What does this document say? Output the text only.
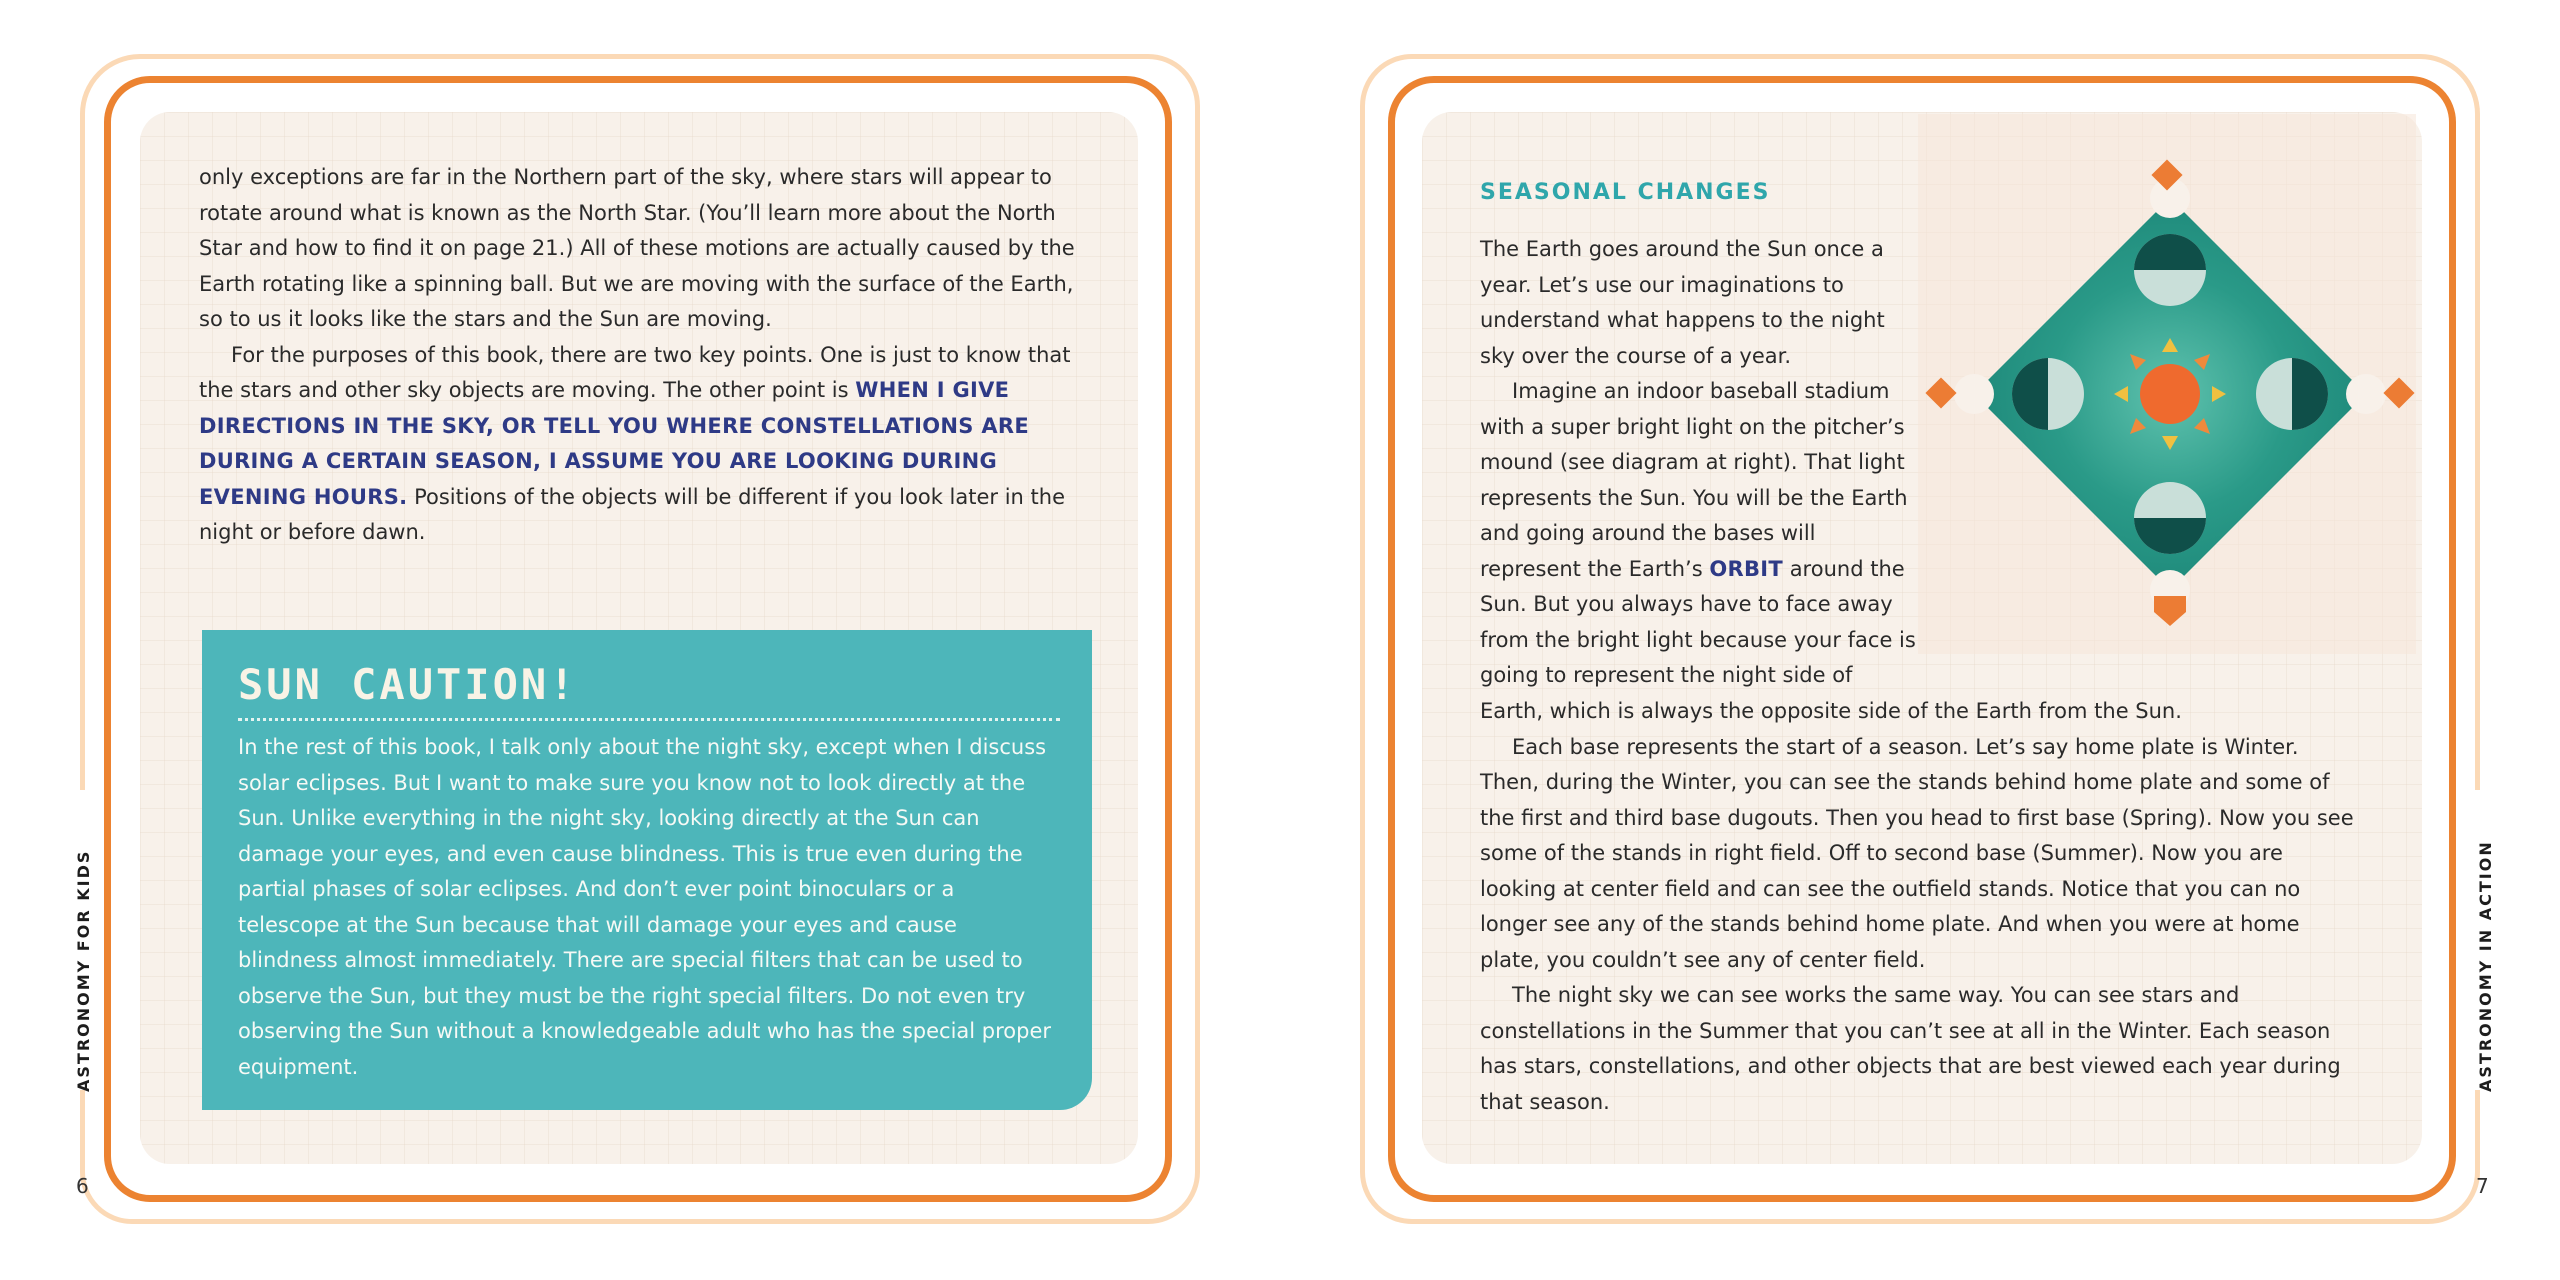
ASTRONOMY FOR KIDS
6

only exceptions are far in the Northern part of the sky, where stars will appear to rotate around what is known as the North Star. (You’ll learn more about the North Star and how to find it on page 21.) All of these motions are actually caused by the Earth rotating like a spinning ball. But we are moving with the surface of the Earth, so to us it looks like the stars and the Sun are moving.

For the purposes of this book, there are two key points. One is just to know that the stars and other sky objects are moving. The other point is WHEN I GIVE DIRECTIONS IN THE SKY, OR TELL YOU WHERE CONSTELLATIONS ARE DURING A CERTAIN SEASON, I ASSUME YOU ARE LOOKING DURING EVENING HOURS. Positions of the objects will be different if you look later in the night or before dawn.

SUN CAUTION!

In the rest of this book, I talk only about the night sky, except when I discuss solar eclipses. But I want to make sure you know not to look directly at the Sun. Unlike everything in the night sky, looking directly at the Sun can damage your eyes, and even cause blindness. This is true even during the partial phases of solar eclipses. And don’t ever point binoculars or a telescope at the Sun because that will damage your eyes and cause blindness almost immediately. There are special filters that can be used to observe the Sun, but they must be the right special filters. Do not even try observing the Sun without a knowledgeable adult who has the special proper equipment.	ASTRONOMY IN ACTION
7
SEASONAL CHANGES

The Earth goes around the Sun once a year. Let’s use our imaginations to understand what happens to the night sky over the course of a year.

Imagine an indoor baseball stadium with a super bright light on the pitcher’s mound (see diagram at right). That light represents the Sun. You will be the Earth and going around the bases will represent the Earth’s ORBIT around the Sun. But you always have to face away from the bright light because your face is going to represent the night side of

Earth, which is always the opposite side of the Earth from the Sun.

Each base represents the start of a season. Let’s say home plate is Winter. Then, during the Winter, you can see the stands behind home plate and some of the first and third base dugouts. Then you head to first base (Spring). Now you see some of the stands in right field. Off to second base (Summer). Now you are looking at center field and can see the outfield stands. Notice that you can no longer see any of the stands behind home plate. And when you were at home plate, you couldn’t see any of center field.

The night sky we can see works the same way. You can see stars and constellations in the Summer that you can’t see at all in the Winter. Each season has stars, constellations, and other objects that are best viewed each year during that season.
